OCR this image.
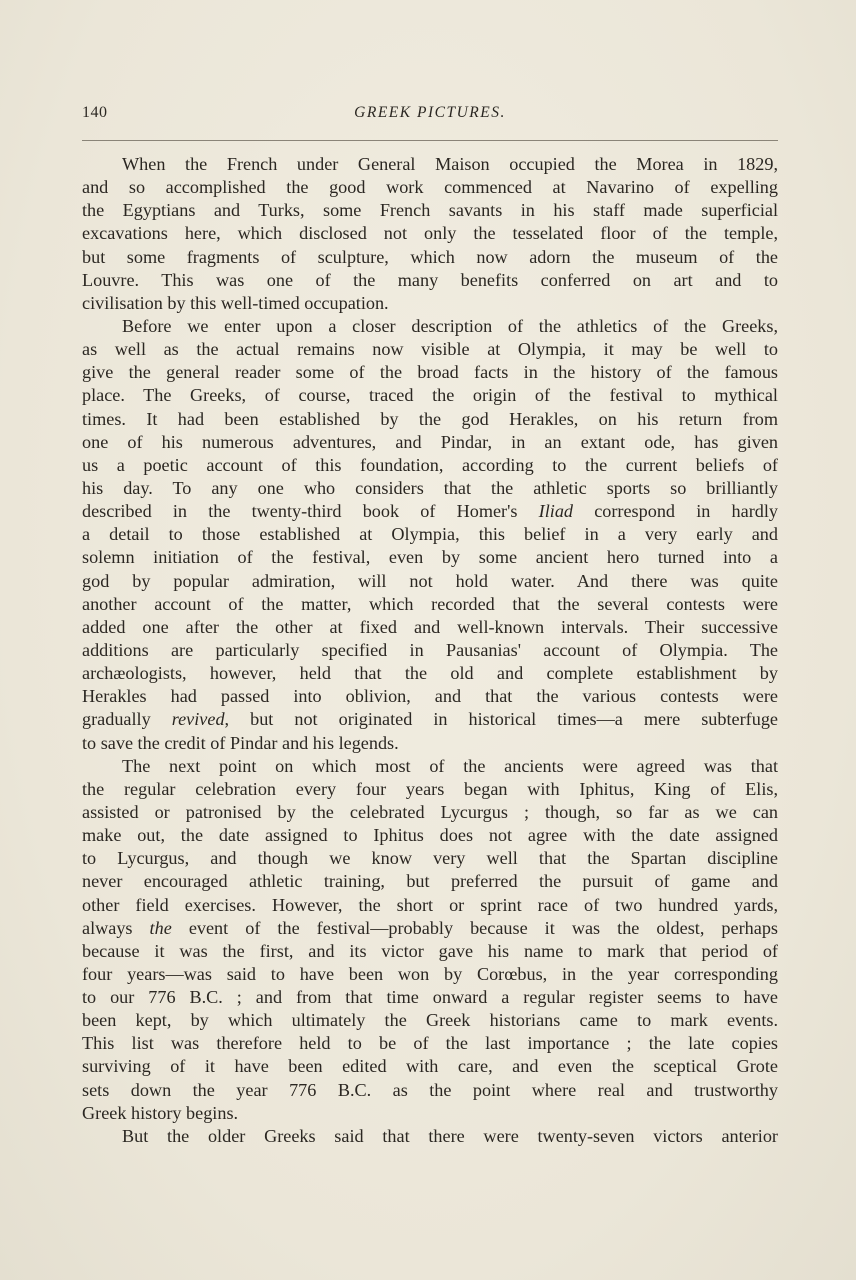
140	GREEK PICTURES.
When the French under General Maison occupied the Morea in 1829,
and so accomplished the good work commenced at Navarino of expelling
the Egyptians and Turks, some French savants in his staff made superficial
excavations here, which disclosed not only the tesselated floor of the temple,
but some fragments of sculpture, which now adorn the museum of the
Louvre. This was one of the many benefits conferred on art and to
civilisation by this well-timed occupation.
Before we enter upon a closer description of the athletics of the Greeks,
as well as the actual remains now visible at Olympia, it may be well to
give the general reader some of the broad facts in the history of the famous
place. The Greeks, of course, traced the origin of the festival to mythical
times. It had been established by the god Herakles, on his return from
one of his numerous adventures, and Pindar, in an extant ode, has given
us a poetic account of this foundation, according to the current beliefs of
his day. To any one who considers that the athletic sports so brilliantly
described in the twenty-third book of Homer's Iliad correspond in hardly
a detail to those established at Olympia, this belief in a very early and
solemn initiation of the festival, even by some ancient hero turned into a
god by popular admiration, will not hold water. And there was quite
another account of the matter, which recorded that the several contests were
added one after the other at fixed and well-known intervals. Their successive
additions are particularly specified in Pausanias' account of Olympia. The
archæologists, however, held that the old and complete establishment by
Herakles had passed into oblivion, and that the various contests were
gradually revived, but not originated in historical times—a mere subterfuge
to save the credit of Pindar and his legends.
The next point on which most of the ancients were agreed was that
the regular celebration every four years began with Iphitus, King of Elis,
assisted or patronised by the celebrated Lycurgus ; though, so far as we can
make out, the date assigned to Iphitus does not agree with the date assigned
to Lycurgus, and though we know very well that the Spartan discipline
never encouraged athletic training, but preferred the pursuit of game and
other field exercises. However, the short or sprint race of two hundred yards,
always the event of the festival—probably because it was the oldest, perhaps
because it was the first, and its victor gave his name to mark that period of
four years—was said to have been won by Corœbus, in the year corresponding
to our 776 B.C. ; and from that time onward a regular register seems to have
been kept, by which ultimately the Greek historians came to mark events.
This list was therefore held to be of the last importance ; the late copies
surviving of it have been edited with care, and even the sceptical Grote
sets down the year 776 B.C. as the point where real and trustworthy
Greek history begins.
But the older Greeks said that there were twenty-seven victors anterior
